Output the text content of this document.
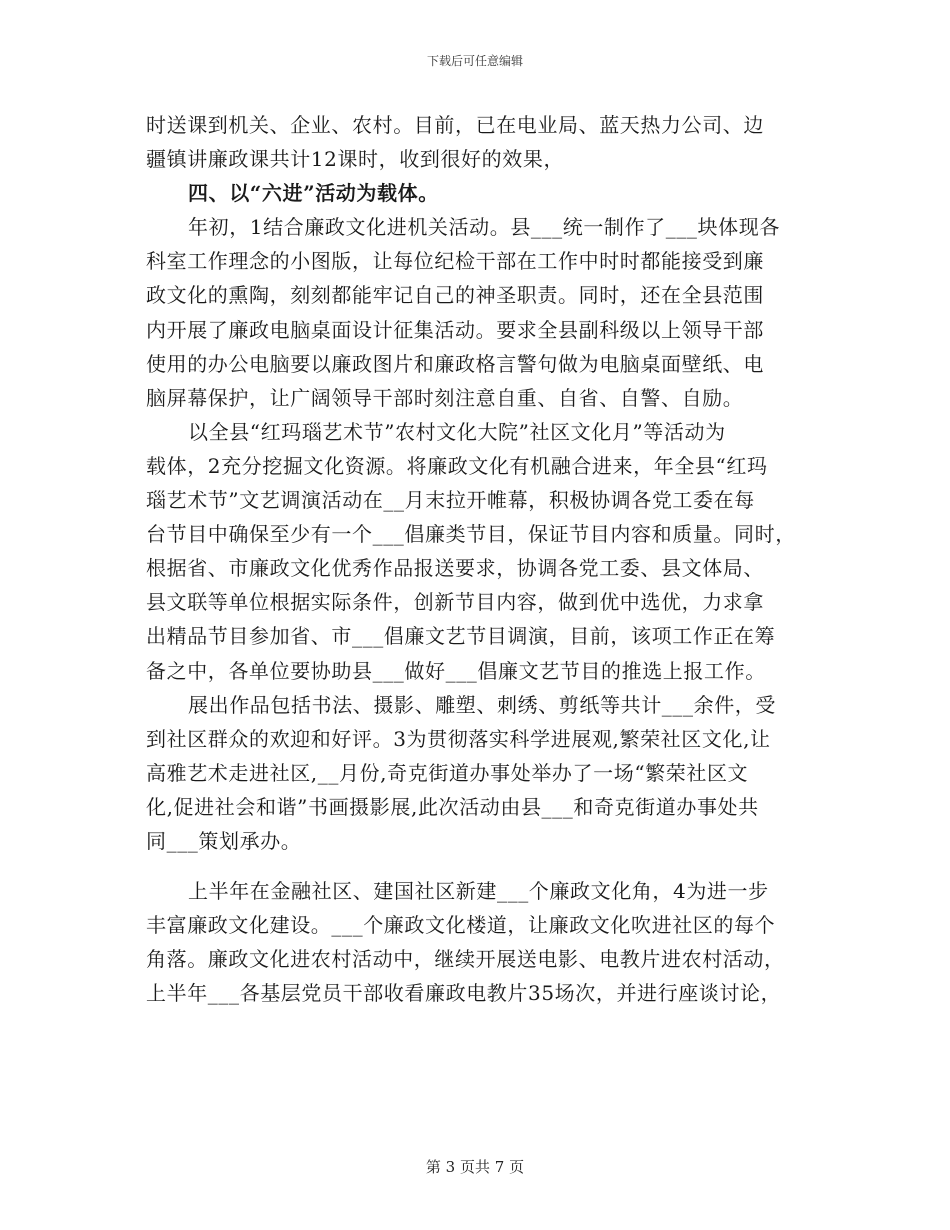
下载后可任意编辑
时送课到机关、企业、农村。目前，已在电业局、蓝天热力公司、边
疆镇讲廉政课共计12课时，收到很好的效果，
四、以“六进”活动为载体。
年初，1结合廉政文化进机关活动。县___统一制作了___块体现各
科室工作理念的小图版，让每位纪检干部在工作中时时都能接受到廉
政文化的熏陶，刻刻都能牢记自己的神圣职责。同时，还在全县范围
内开展了廉政电脑桌面设计征集活动。要求全县副科级以上领导干部
使用的办公电脑要以廉政图片和廉政格言警句做为电脑桌面壁纸、电
脑屏幕保护，让广阔领导干部时刻注意自重、自省、自警、自励。
以全县“红玛瑙艺术节”农村文化大院”社区文化月”等活动为
载体，2充分挖掘文化资源。将廉政文化有机融合进来，年全县“红玛
瑙艺术节”文艺调演活动在__月末拉开帷幕，积极协调各党工委在每
台节目中确保至少有一个___倡廉类节目，保证节目内容和质量。同时，
根据省、市廉政文化优秀作品报送要求，协调各党工委、县文体局、
县文联等单位根据实际条件，创新节目内容，做到优中选优，力求拿
出精品节目参加省、市___倡廉文艺节目调演，目前，该项工作正在筹
备之中，各单位要协助县___做好___倡廉文艺节目的推选上报工作。
展出作品包括书法、摄影、雕塑、刺绣、剪纸等共计___余件，受
到社区群众的欢迎和好评。3为贯彻落实科学进展观,繁荣社区文化,让
高雅艺术走进社区,__月份,奇克街道办事处举办了一场“繁荣社区文
化,促进社会和谐”书画摄影展,此次活动由县___和奇克街道办事处共
同___策划承办。
上半年在金融社区、建国社区新建___个廉政文化角，4为进一步
丰富廉政文化建设。___个廉政文化楼道，让廉政文化吹进社区的每个
角落。廉政文化进农村活动中，继续开展送电影、电教片进农村活动，
上半年___各基层党员干部收看廉政电教片35场次，并进行座谈讨论，
第 3 页共 7 页
